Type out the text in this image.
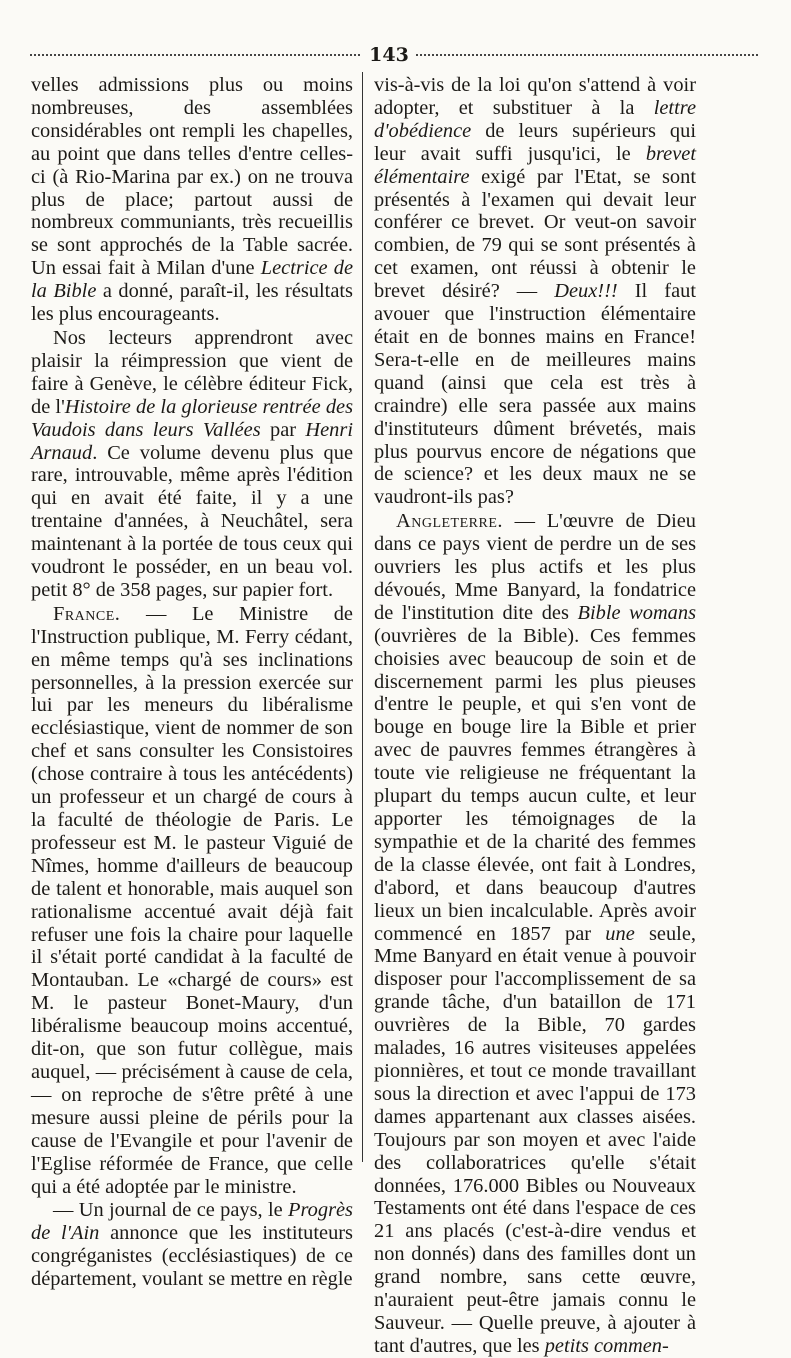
143

velles admissions plus ou moins nombreuses, des assemblées considérables ont rempli les chapelles, au point que dans telles d'entre celles-ci (à Rio-Marina par ex.) on ne trouva plus de place; partout aussi de nombreux communiants, très recueillis se sont approchés de la Table sacrée. Un essai fait à Milan d'une Lectrice de la Bible a donné, paraît-il, les résultats les plus encourageants.

Nos lecteurs apprendront avec plaisir la réimpression que vient de faire à Genève, le célèbre éditeur Fick, de l'Histoire de la glorieuse rentrée des Vaudois dans leurs Vallées par Henri Arnaud. Ce volume devenu plus que rare, introuvable, même après l'édition qui en avait été faite, il y a une trentaine d'années, à Neuchâtel, sera maintenant à la portée de tous ceux qui voudront le posséder, en un beau vol. petit 8° de 358 pages, sur papier fort.

France. — Le Ministre de l'Instruction publique, M. Ferry cédant, en même temps qu'à ses inclinations personnelles, à la pression exercée sur lui par les meneurs du libéralisme ecclésiastique, vient de nommer de son chef et sans consulter les Consistoires (chose contraire à tous les antécédents) un professeur et un chargé de cours à la faculté de théologie de Paris. Le professeur est M. le pasteur Viguié de Nîmes, homme d'ailleurs de beaucoup de talent et honorable, mais auquel son rationalisme accentué avait déjà fait refuser une fois la chaire pour laquelle il s'était porté candidat à la faculté de Montauban. Le «chargé de cours» est M. le pasteur Bonet-Maury, d'un libéralisme beaucoup moins accentué, dit-on, que son futur collègue, mais auquel, — précisément à cause de cela, — on reproche de s'être prêté à une mesure aussi pleine de périls pour la cause de l'Evangile et pour l'avenir de l'Eglise réformée de France, que celle qui a été adoptée par le ministre.

— Un journal de ce pays, le Progrès de l'Ain annonce que les instituteurs congréganistes (ecclésiastiques) de ce département, voulant se mettre en règle

vis-à-vis de la loi qu'on s'attend à voir adopter, et substituer à la lettre d'obédience de leurs supérieurs qui leur avait suffi jusqu'ici, le brevet élémentaire exigé par l'Etat, se sont présentés à l'examen qui devait leur conférer ce brevet. Or veut-on savoir combien, de 79 qui se sont présentés à cet examen, ont réussi à obtenir le brevet désiré? — Deux!!! Il faut avouer que l'instruction élémentaire était en de bonnes mains en France! Sera-t-elle en de meilleures mains quand (ainsi que cela est très à craindre) elle sera passée aux mains d'instituteurs dûment brévetés, mais plus pourvus encore de négations que de science? et les deux maux ne se vaudront-ils pas?

Angleterre. — L'œuvre de Dieu dans ce pays vient de perdre un de ses ouvriers les plus actifs et les plus dévoués, Mme Banyard, la fondatrice de l'institution dite des Bible womans (ouvrières de la Bible). Ces femmes choisies avec beaucoup de soin et de discernement parmi les plus pieuses d'entre le peuple, et qui s'en vont de bouge en bouge lire la Bible et prier avec de pauvres femmes étrangères à toute vie religieuse ne fréquentant la plupart du temps aucun culte, et leur apporter les témoignages de la sympathie et de la charité des femmes de la classe élevée, ont fait à Londres, d'abord, et dans beaucoup d'autres lieux un bien incalculable. Après avoir commencé en 1857 par une seule, Mme Banyard en était venue à pouvoir disposer pour l'accomplissement de sa grande tâche, d'un bataillon de 171 ouvrières de la Bible, 70 gardes malades, 16 autres visiteuses appelées pionnières, et tout ce monde travaillant sous la direction et avec l'appui de 173 dames appartenant aux classes aisées. Toujours par son moyen et avec l'aide des collaboratrices qu'elle s'était données, 176.000 Bibles ou Nouveaux Testaments ont été dans l'espace de ces 21 ans placés (c'est-à-dire vendus et non donnés) dans des familles dont un grand nombre, sans cette œuvre, n'auraient peut-être jamais connu le Sauveur. — Quelle preuve, à ajouter à tant d'autres, que les petits commen-
